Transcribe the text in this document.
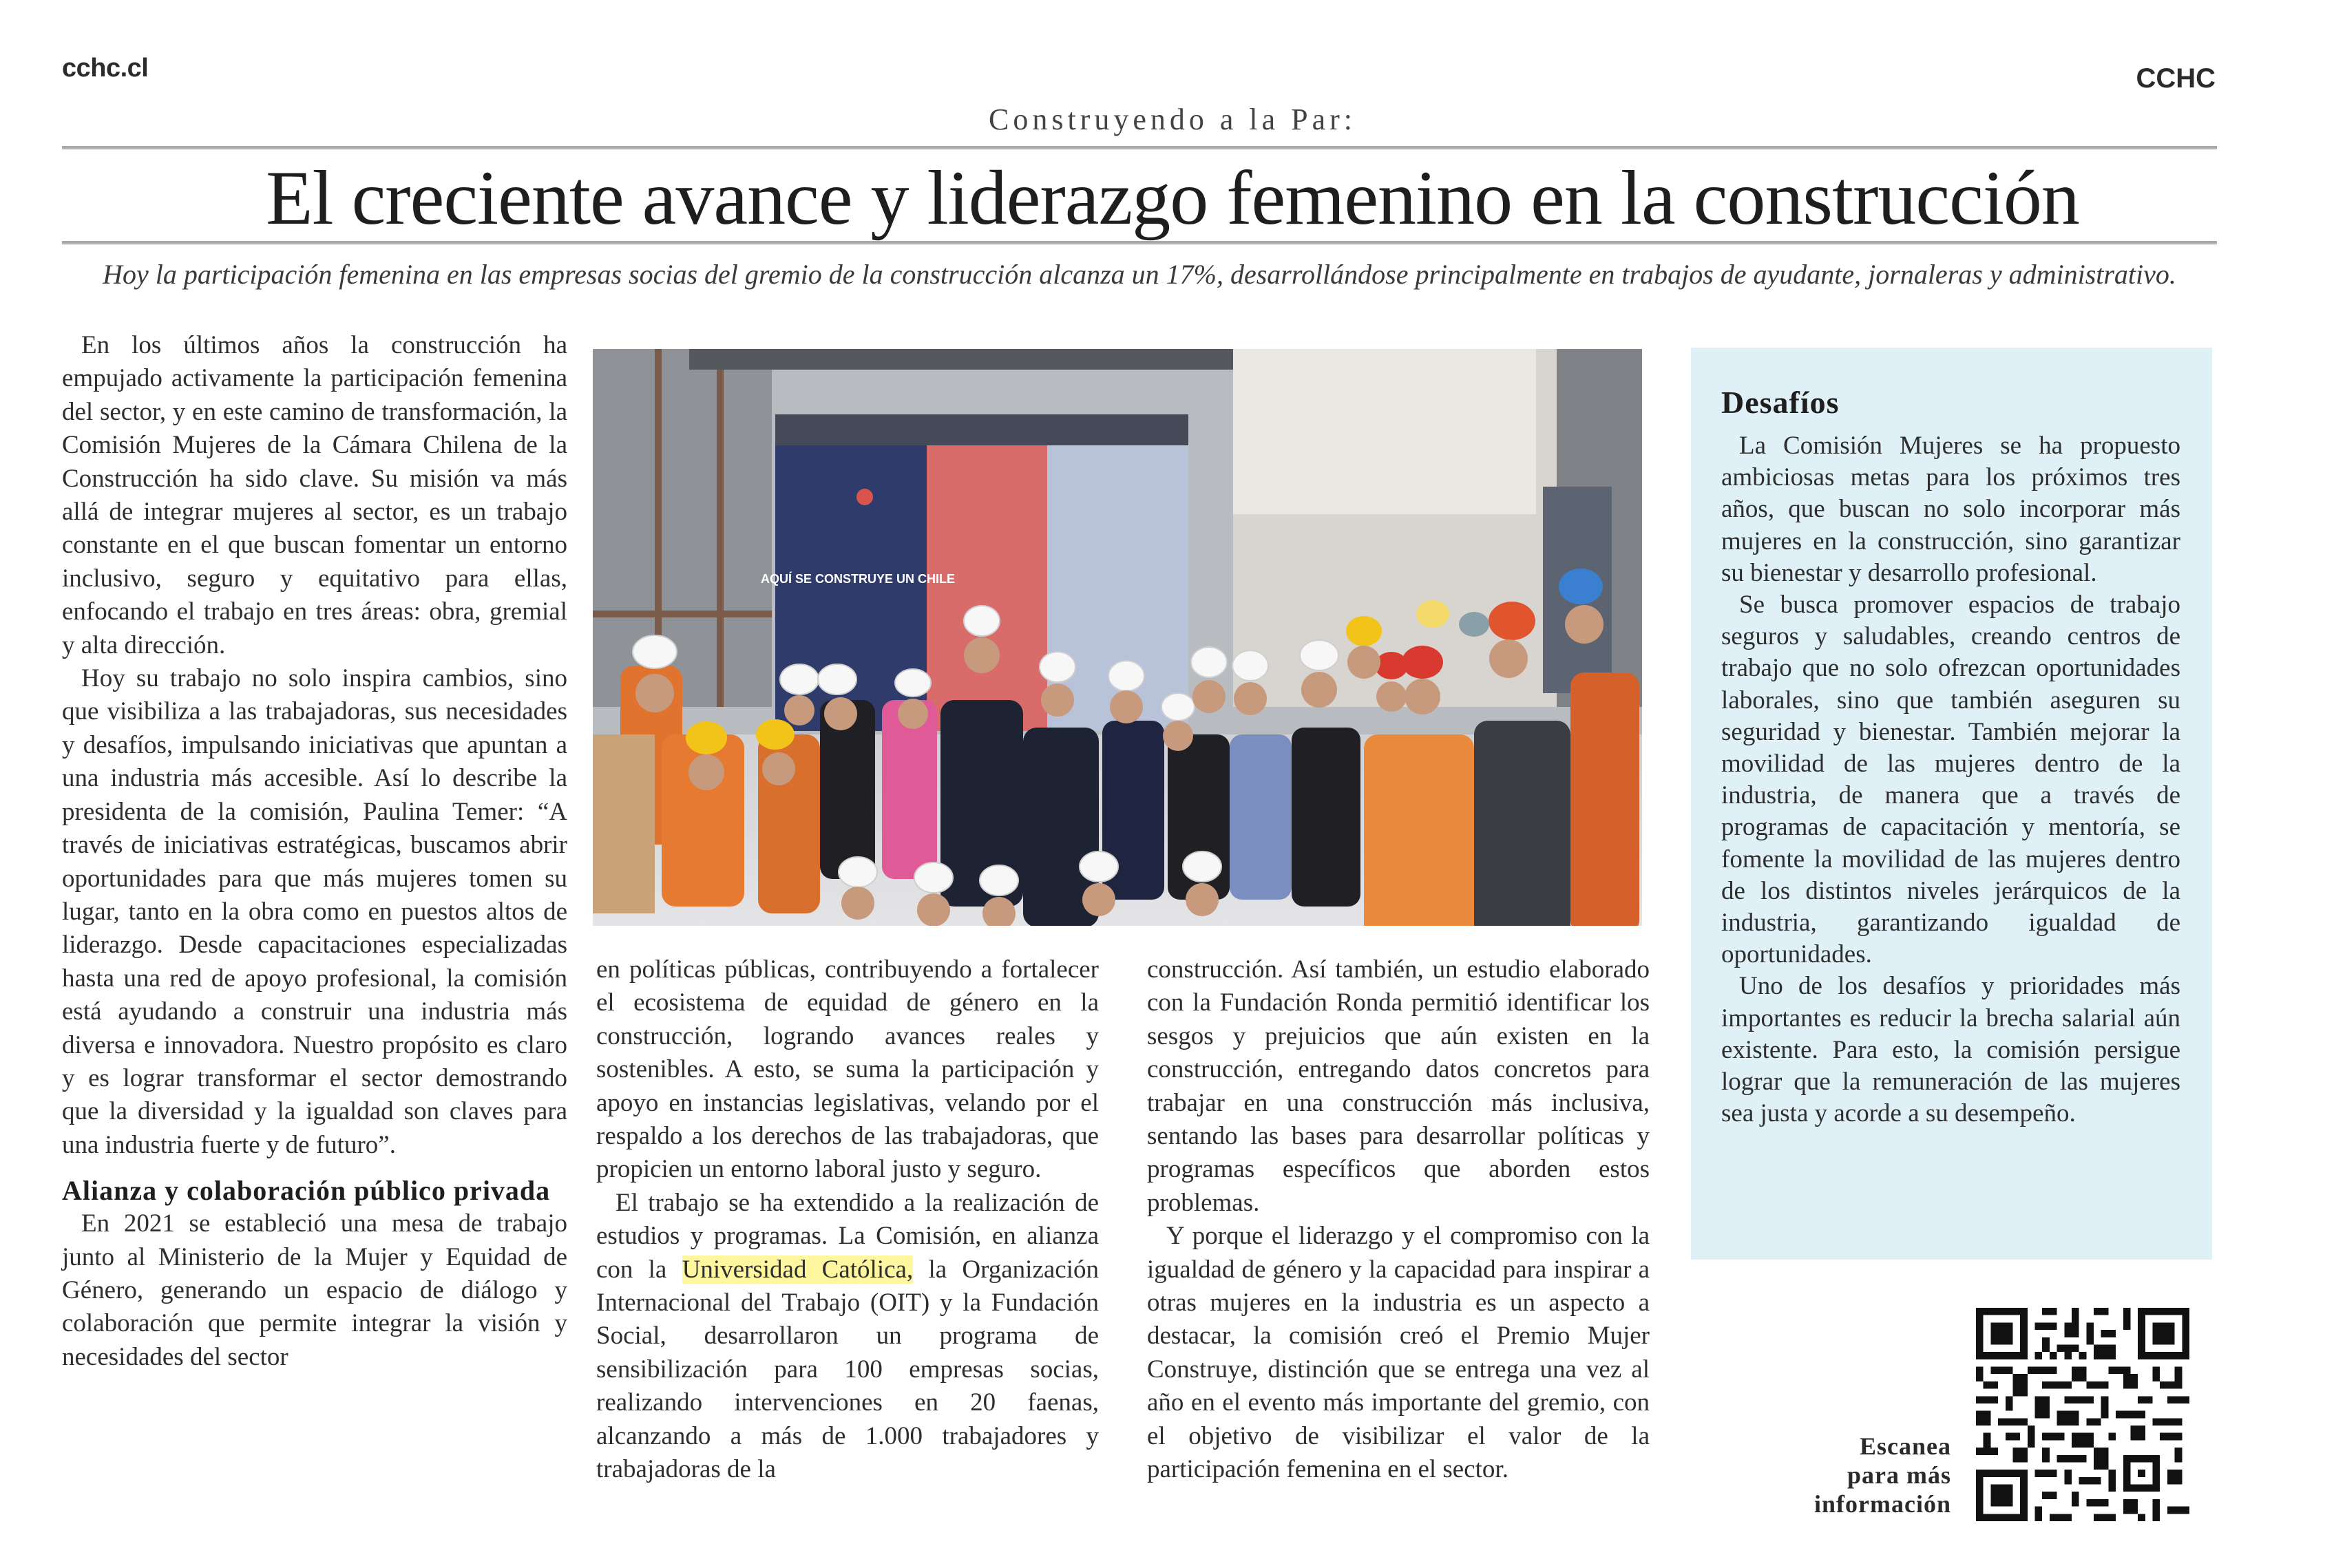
cchc.cl	CCHC
Construyendo a la Par:
El creciente avance y liderazgo femenino en la construcción
Hoy la participación femenina en las empresas socias del gremio de la construcción alcanza un 17%, desarrollándose principalmente en trabajos de ayudante, jornaleras y administrativo.

En los últimos años la construcción ha empujado activamente la participación femenina del sector, y en este camino de transformación, la Comisión Mujeres de la Cámara Chilena de la Construcción ha sido clave. Su misión va más allá de integrar mujeres al sector, es un trabajo constante en el que buscan fomentar un entorno inclusivo, seguro y equitativo para ellas, enfocando el trabajo en tres áreas: obra, gremial y alta dirección.

Hoy su trabajo no solo inspira cambios, sino que visibiliza a las trabajadoras, sus necesidades y desafíos, impulsando iniciativas que apuntan a una industria más accesible. Así lo describe la presidenta de la comisión, Paulina Temer: “A través de iniciativas estratégicas, buscamos abrir oportunidades para que más mujeres tomen su lugar, tanto en la obra como en puestos altos de liderazgo. Desde capacitaciones especializadas hasta una red de apoyo profesional, la comisión está ayudando a construir una industria más diversa e innovadora. Nuestro propósito es claro y es lograr transformar el sector demostrando que la diversidad y la igualdad son claves para una industria fuerte y de futuro”.

Alianza y colaboración público privada

En 2021 se estableció una mesa de trabajo junto al Ministerio de la Mujer y Equidad de Género, generando un espacio de diálogo y colaboración que permite integrar la visión y necesidades del sector

AQUÍ SE CONSTRUYE UN CHILE

en políticas públicas, contribuyendo a fortalecer el ecosistema de equidad de género en la construcción, logrando avances reales y sostenibles. A esto, se suma la participación y apoyo en instancias legislativas, velando por el respaldo a los derechos de las trabajadoras, que propicien un entorno laboral justo y seguro.

El trabajo se ha extendido a la realización de estudios y programas. La Comisión, en alianza con la Universidad Católica, la Organización Internacional del Trabajo (OIT) y la Fundación Social, desarrollaron un programa de sensibilización para 100 empresas socias, realizando intervenciones en 20 faenas, alcanzando a más de 1.000 trabajadores y trabajadoras de la

construcción. Así también, un estudio elaborado con la Fundación Ronda permitió identificar los sesgos y prejuicios que aún existen en la construcción, entregando datos concretos para trabajar en una construcción más inclusiva, sentando las bases para desarrollar políticas y programas específicos que aborden estos problemas.

Y porque el liderazgo y el compromiso con la igualdad de género y la capacidad para inspirar a otras mujeres en la industria es un aspecto a destacar, la comisión creó el Premio Mujer Construye, distinción que se entrega una vez al año en el evento más importante del gremio, con el objetivo de visibilizar el valor de la participación femenina en el sector.

Desafíos

La Comisión Mujeres se ha propuesto ambiciosas metas para los próximos tres años, que buscan no solo incorporar más mujeres en la construcción, sino garantizar su bienestar y desarrollo profesional.

Se busca promover espacios de trabajo seguros y saludables, creando centros de trabajo que no solo ofrezcan oportunidades laborales, sino que también aseguren su seguridad y bienestar. También mejorar la movilidad de las mujeres dentro de la industria, de manera que a través de programas de capacitación y mentoría, se fomente la movilidad de las mujeres dentro de los distintos niveles jerárquicos de la industria, garantizando igualdad de oportunidades.

Uno de los desafíos y prioridades más importantes es reducir la brecha salarial aún existente. Para esto, la comisión persigue lograr que la remuneración de las mujeres sea justa y acorde a su desempeño.

Escanea
para más
información
